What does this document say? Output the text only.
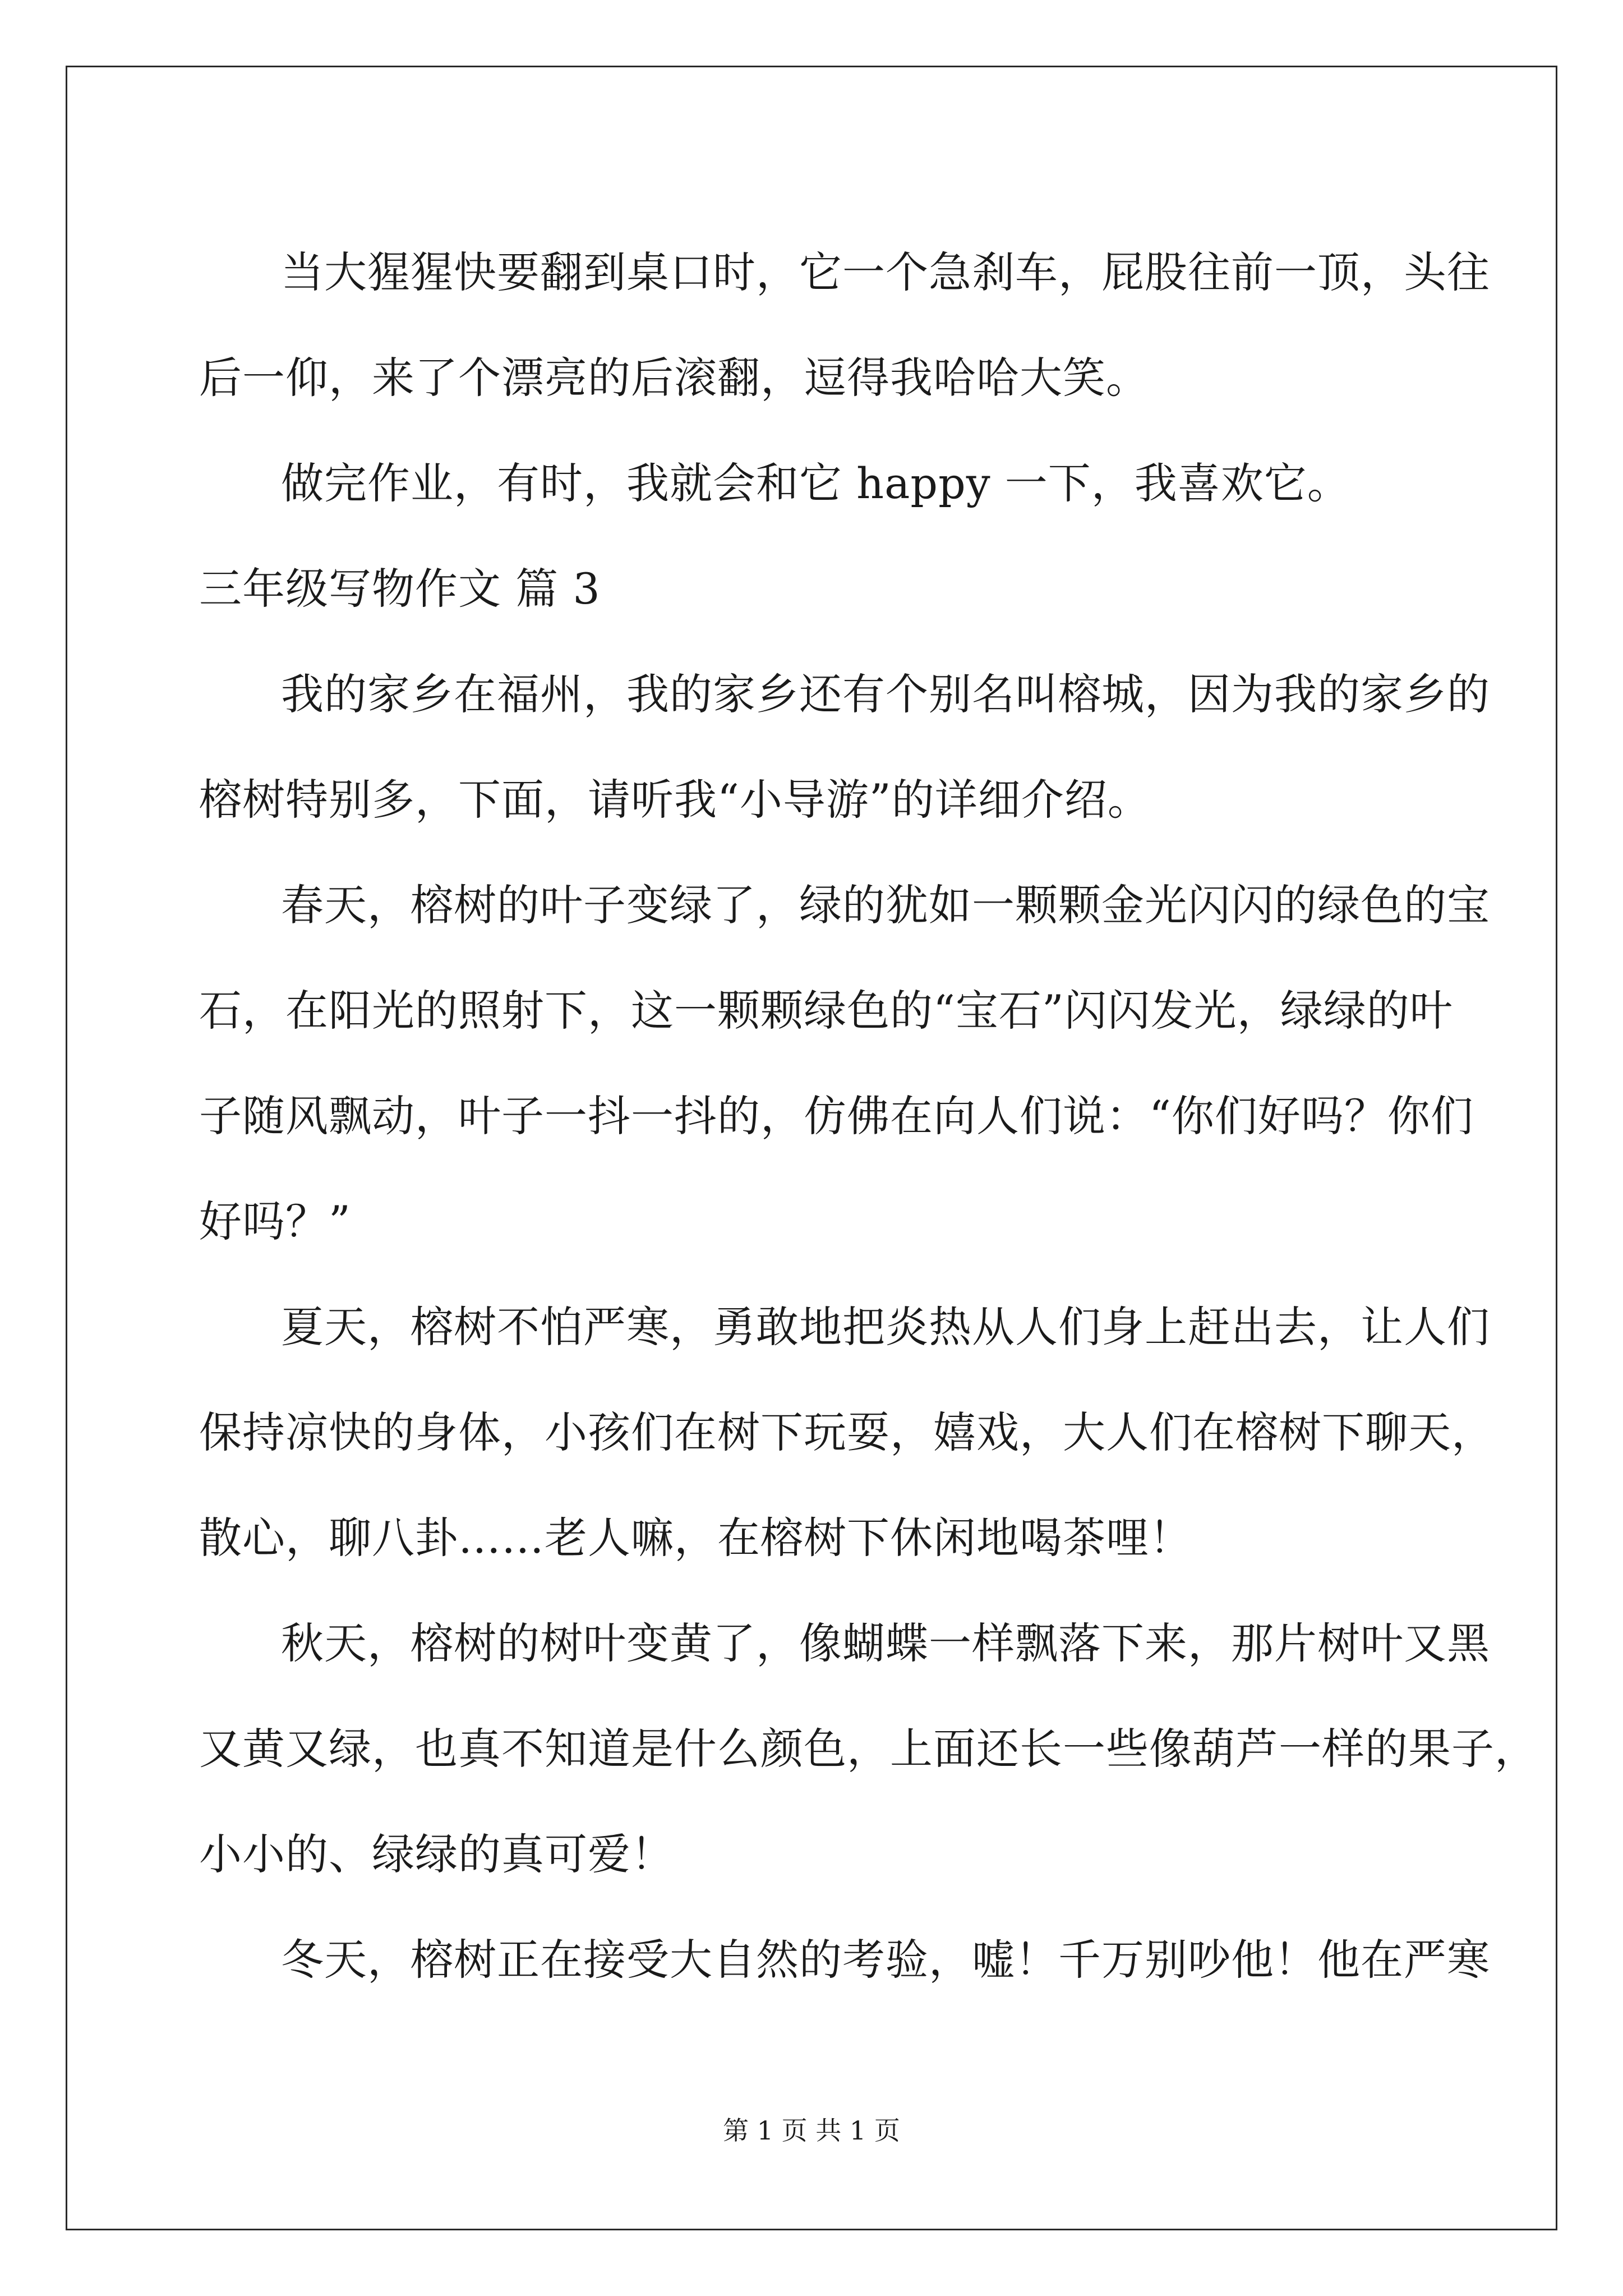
当大猩猩快要翻到桌口时，它一个急刹车，屁股往前一顶，头往
后一仰，来了个漂亮的后滚翻，逗得我哈哈大笑。
做完作业，有时，我就会和它 happy 一下，我喜欢它。
三年级写物作文 篇 3
我的家乡在福州，我的家乡还有个别名叫榕城，因为我的家乡的
榕树特别多，下面，请听我“小导游”的详细介绍。
春天，榕树的叶子变绿了，绿的犹如一颗颗金光闪闪的绿色的宝
石，在阳光的照射下，这一颗颗绿色的“宝石”闪闪发光，绿绿的叶
子随风飘动，叶子一抖一抖的，仿佛在向人们说：“你们好吗？你们
好吗？”
夏天，榕树不怕严寒，勇敢地把炎热从人们身上赶出去，让人们
保持凉快的身体，小孩们在树下玩耍，嬉戏，大人们在榕树下聊天，
散心，聊八卦……老人嘛，在榕树下休闲地喝茶哩！
秋天，榕树的树叶变黄了，像蝴蝶一样飘落下来，那片树叶又黑
又黄又绿，也真不知道是什么颜色，上面还长一些像葫芦一样的果子，
小小的、绿绿的真可爱！
冬天，榕树正在接受大自然的考验，嘘！千万别吵他！他在严寒
第 1 页 共 1 页
